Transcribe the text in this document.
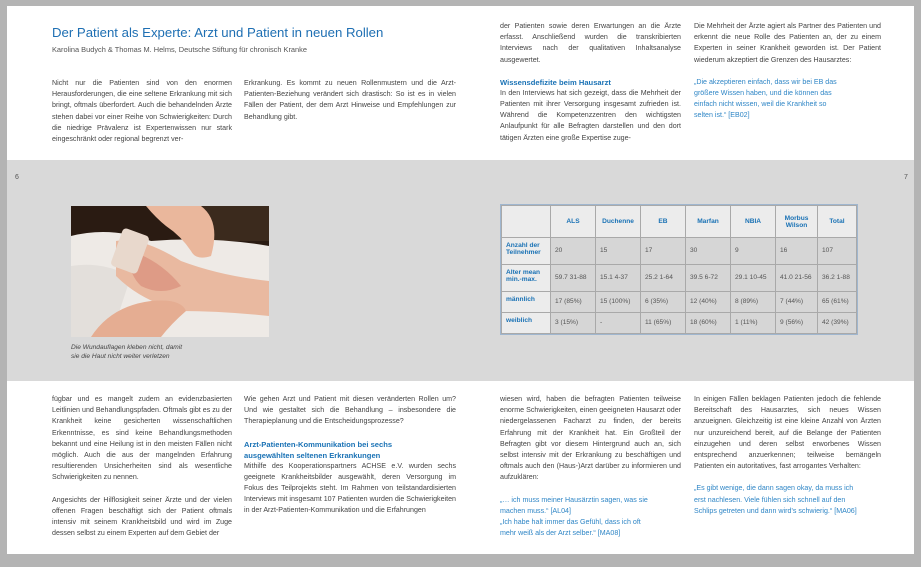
Der Patient als Experte: Arzt und Patient in neuen Rollen
Karolina Budych & Thomas M. Helms, Deutsche Stiftung für chronisch Kranke

Nicht nur die Patienten sind von den enormen Herausforderungen, die eine seltene Erkrankung mit sich bringt, oftmals überfordert. Auch die behandelnden Ärzte stehen dabei vor einer Reihe von Schwierigkeiten: Durch die niedrige Prävalenz ist Expertenwissen nur stark eingeschränkt oder regional begrenzt ver-

Erkrankung. Es kommt zu neuen Rollenmustern und die Arzt-Patienten-Beziehung verändert sich drastisch: So ist es in vielen Fällen der Patient, der dem Arzt Hinweise und Empfehlungen zur Behandlung gibt.

der Patienten sowie deren Erwartungen an die Ärzte erfasst. Anschließend wurden die transkribierten Interviews nach der qualitativen Inhaltsanalyse ausgewertet.

Wissensdefizite beim Hausarzt

In den Interviews hat sich gezeigt, dass die Mehrheit der Patienten mit ihrer Versorgung insgesamt zufrieden ist. Während die Kompetenzzentren den wichtigsten Anlaufpunkt für alle Befragten darstellen und den dort tätigen Ärzten eine große Expertise zuge-

Die Mehrheit der Ärzte agiert als Partner des Patienten und erkennt die neue Rolle des Patienten an, der zu einem Experten in seiner Krankheit geworden ist. Der Patient wiederum akzeptiert die Grenzen des Hausarztes:

„Die akzeptieren einfach, dass wir bei EB das größere Wissen haben, und die können das einfach nicht wissen, weil die Krankheit so selten ist.“ [EB02]

6	7
Die Wundauflagen kleben nicht, damit
sie die Haut nicht weiter verletzen
	ALS	Duchenne	EB	Marfan	NBIA	Morbus Wilson	Total
Anzahl der Teilnehmer	20	15	17	30	9	16	107
Alter mean min.-max.	59.7 31-88	15.1 4-37	25.2 1-64	39.5 6-72	29.1 10-45	41.0 21-56	36.2 1-88
männlich	17 (85%)	15 (100%)	6 (35%)	12 (40%)	8 (89%)	7 (44%)	65 (61%)
weiblich	3 (15%)	-	11 (65%)	18 (60%)	1 (11%)	9 (56%)	42 (39%)

fügbar und es mangelt zudem an evidenzbasierten Leitlinien und Behandlungspfaden. Oftmals gibt es zu der Krankheit keine gesicherten wissenschaftlichen Erkenntnisse, es sind keine Behandlungsmethoden bekannt und eine Heilung ist in den meisten Fällen nicht möglich. Auch die aus der mangelnden Erfahrung resultierenden Unsicherheiten sind als wesentliche Schwierigkeiten zu nennen.

Angesichts der Hilflosigkeit seiner Ärzte und der vielen offenen Fragen beschäftigt sich der Patient oftmals intensiv mit seinem Krankheitsbild und wird im Zuge dessen selbst zu einem Experten auf dem Gebiet der

Wie gehen Arzt und Patient mit diesen veränderten Rollen um? Und wie gestaltet sich die Behandlung – insbesondere die Therapieplanung und die Entscheidungsprozesse?

Arzt-Patienten-Kommunikation bei sechs ausgewählten seltenen Erkrankungen

Mithilfe des Kooperationspartners ACHSE e.V. wurden sechs geeignete Krankheitsbilder ausgewählt, deren Versorgung im Fokus des Teilprojekts steht. Im Rahmen von teilstandardisierten Interviews mit insgesamt 107 Patienten wurden die Schwierigkeiten in der Arzt-Patienten-Kommunikation und die Erfahrungen

wiesen wird, haben die befragten Patienten teilweise enorme Schwierigkeiten, einen geeigneten Hausarzt oder niedergelassenen Facharzt zu finden, der bereits Erfahrung mit der Krankheit hat. Ein Großteil der Befragten gibt vor diesem Hintergrund auch an, sich selbst intensiv mit der Erkrankung zu beschäftigen und oftmals auch den (Haus-)Arzt darüber zu informieren und aufzuklären:

„… ich muss meiner Hausärztin sagen, was sie machen muss.“ [AL04]

„Ich habe halt immer das Gefühl, dass ich oft mehr weiß als der Arzt selber.“ [MA08]

In einigen Fällen beklagen Patienten jedoch die fehlende Bereitschaft des Hausarztes, sich neues Wissen anzueignen. Gleichzeitig ist eine kleine Anzahl von Ärzten nur unzureichend bereit, auf die Belange der Patienten einzugehen und deren selbst erworbenes Wissen entsprechend anzuerkennen; teilweise bemängeln Patienten ein autoritatives, fast arrogantes Verhalten:

„Es gibt wenige, die dann sagen okay, da muss ich erst nachlesen. Viele fühlen sich schnell auf den Schlips getreten und dann wird’s schwierig.“ [MA06]
